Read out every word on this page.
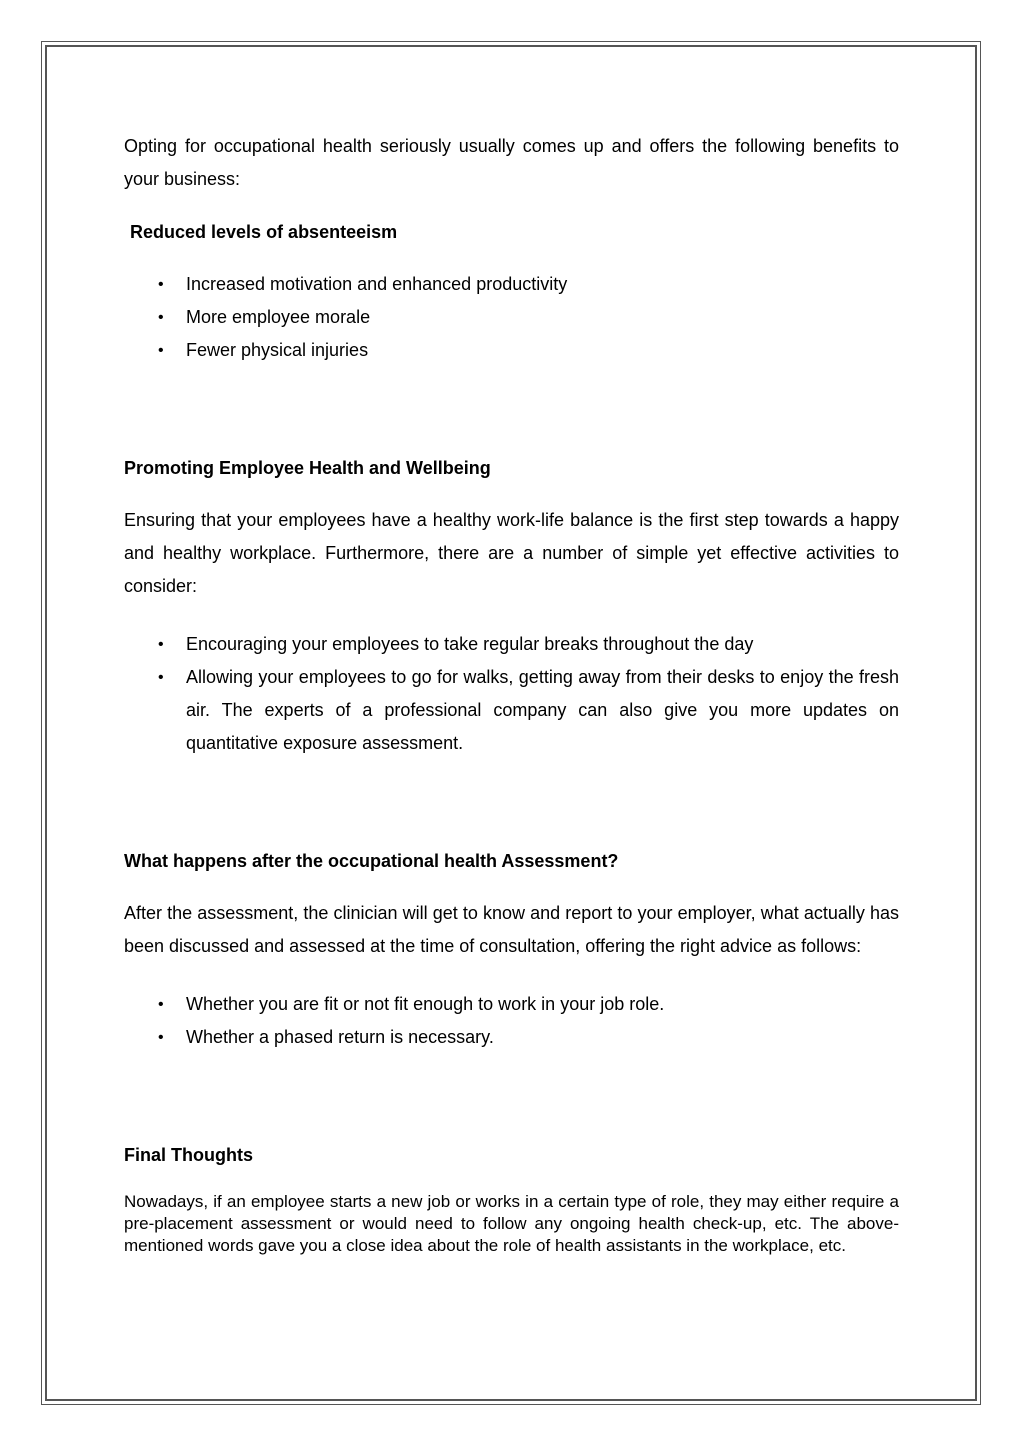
Opting for occupational health seriously usually comes up and offers the following benefits to your business:

Reduced levels of absenteeism
• Increased motivation and enhanced productivity
• More employee morale
• Fewer physical injuries
Promoting Employee Health and Wellbeing

Ensuring that your employees have a healthy work-life balance is the first step towards a happy and healthy workplace. Furthermore, there are a number of simple yet effective activities to consider:

• Encouraging your employees to take regular breaks throughout the day
• Allowing your employees to go for walks, getting away from their desks to enjoy the fresh air. The experts of a professional company can also give you more updates on quantitative exposure assessment.
What happens after the occupational health Assessment?

After the assessment, the clinician will get to know and report to your employer, what actually has been discussed and assessed at the time of consultation, offering the right advice as follows:

• Whether you are fit or not fit enough to work in your job role.
• Whether a phased return is necessary.
Final Thoughts

Nowadays, if an employee starts a new job or works in a certain type of role, they may either require a pre-placement assessment or would need to follow any ongoing health check-up, etc. The above-mentioned words gave you a close idea about the role of health assistants in the workplace, etc.
